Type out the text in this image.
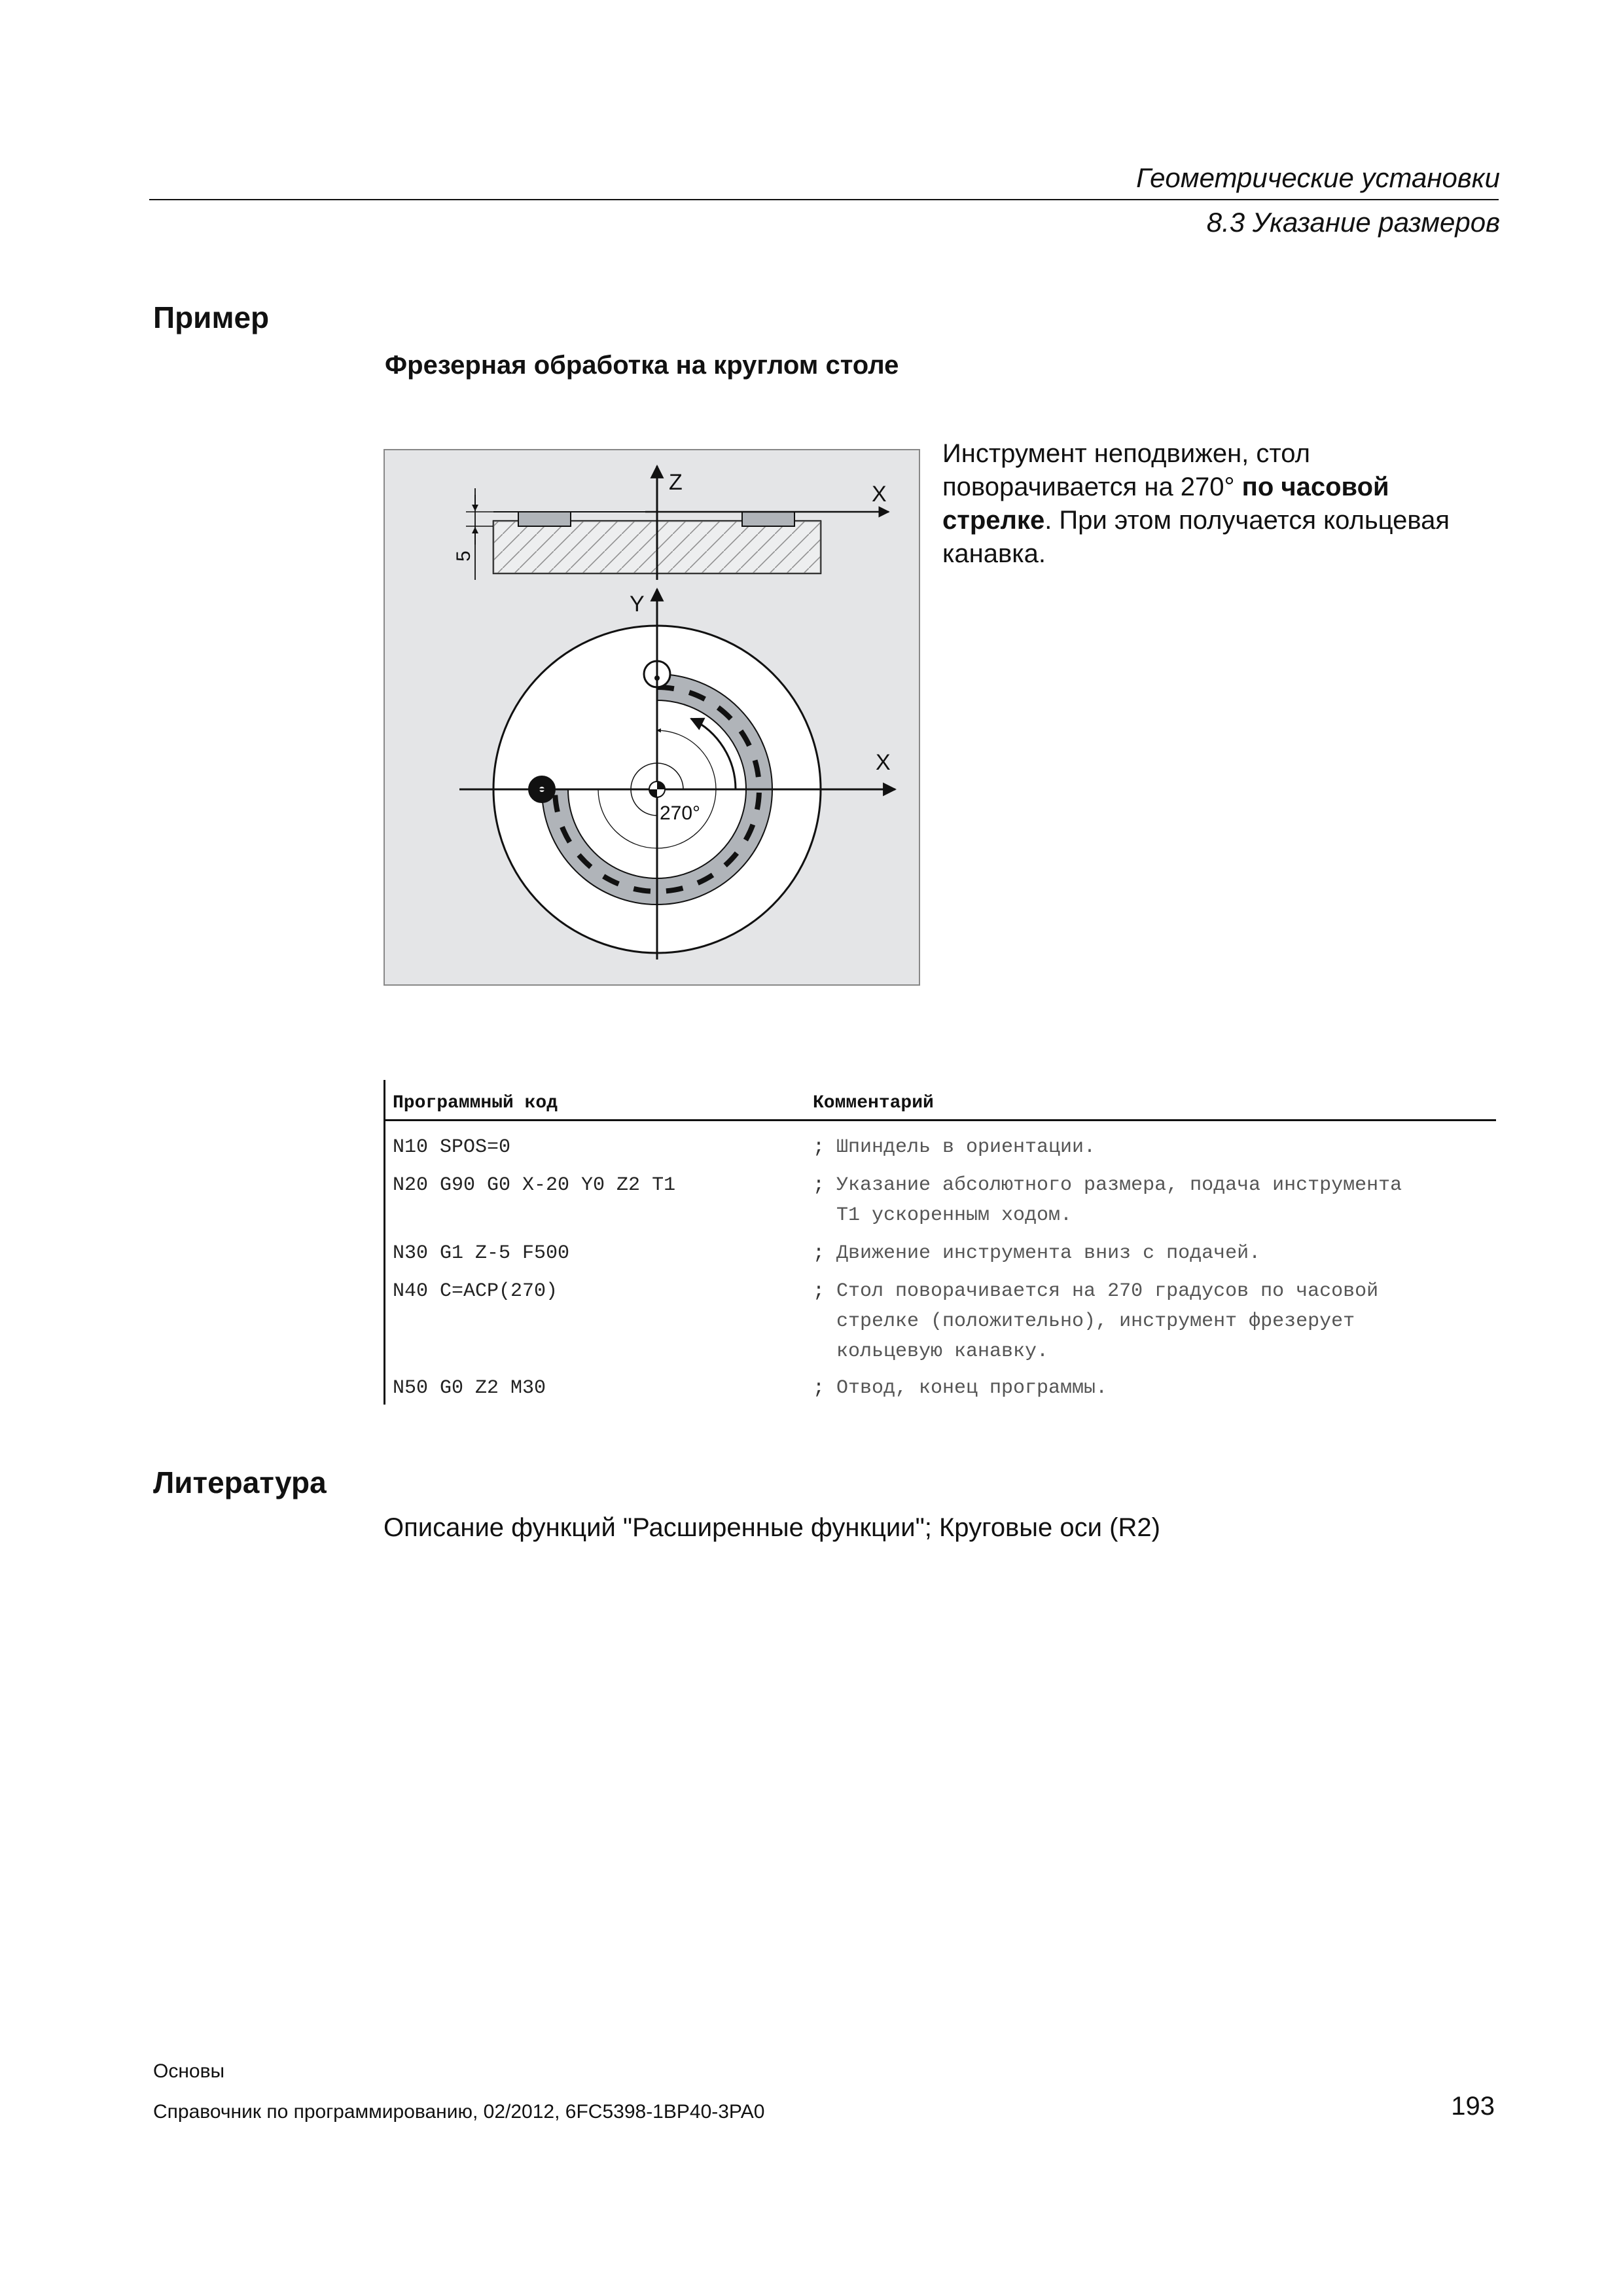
Геометрические установки
8.3 Указание размеров
Пример
Фрезерная обработка на круглом столе
Z	X
5
Y
X
270°
Инструмент неподвижен, стол поворачивается на 270° по часовой стрелке. При этом получается кольцевая канавка.
Программный код	Комментарий
N10 SPOS=0	; Шпиндель в ориентации.
N20 G90 G0 X-20 Y0 Z2 T1	; Указание абсолютного размера, подача инструмента
T1 ускоренным ходом.
N30 G1 Z-5 F500	; Движение инструмента вниз с подачей.
N40 C=ACP(270)	; Стол поворачивается на 270 градусов по часовой
стрелке (положительно), инструмент фрезерует
кольцевую канавку.
N50 G0 Z2 M30	; Отвод, конец программы.
Литература
Описание функций "Расширенные функции"; Круговые оси (R2)
Основы
Справочник по программированию, 02/2012, 6FC5398-1BP40-3PA0	193
